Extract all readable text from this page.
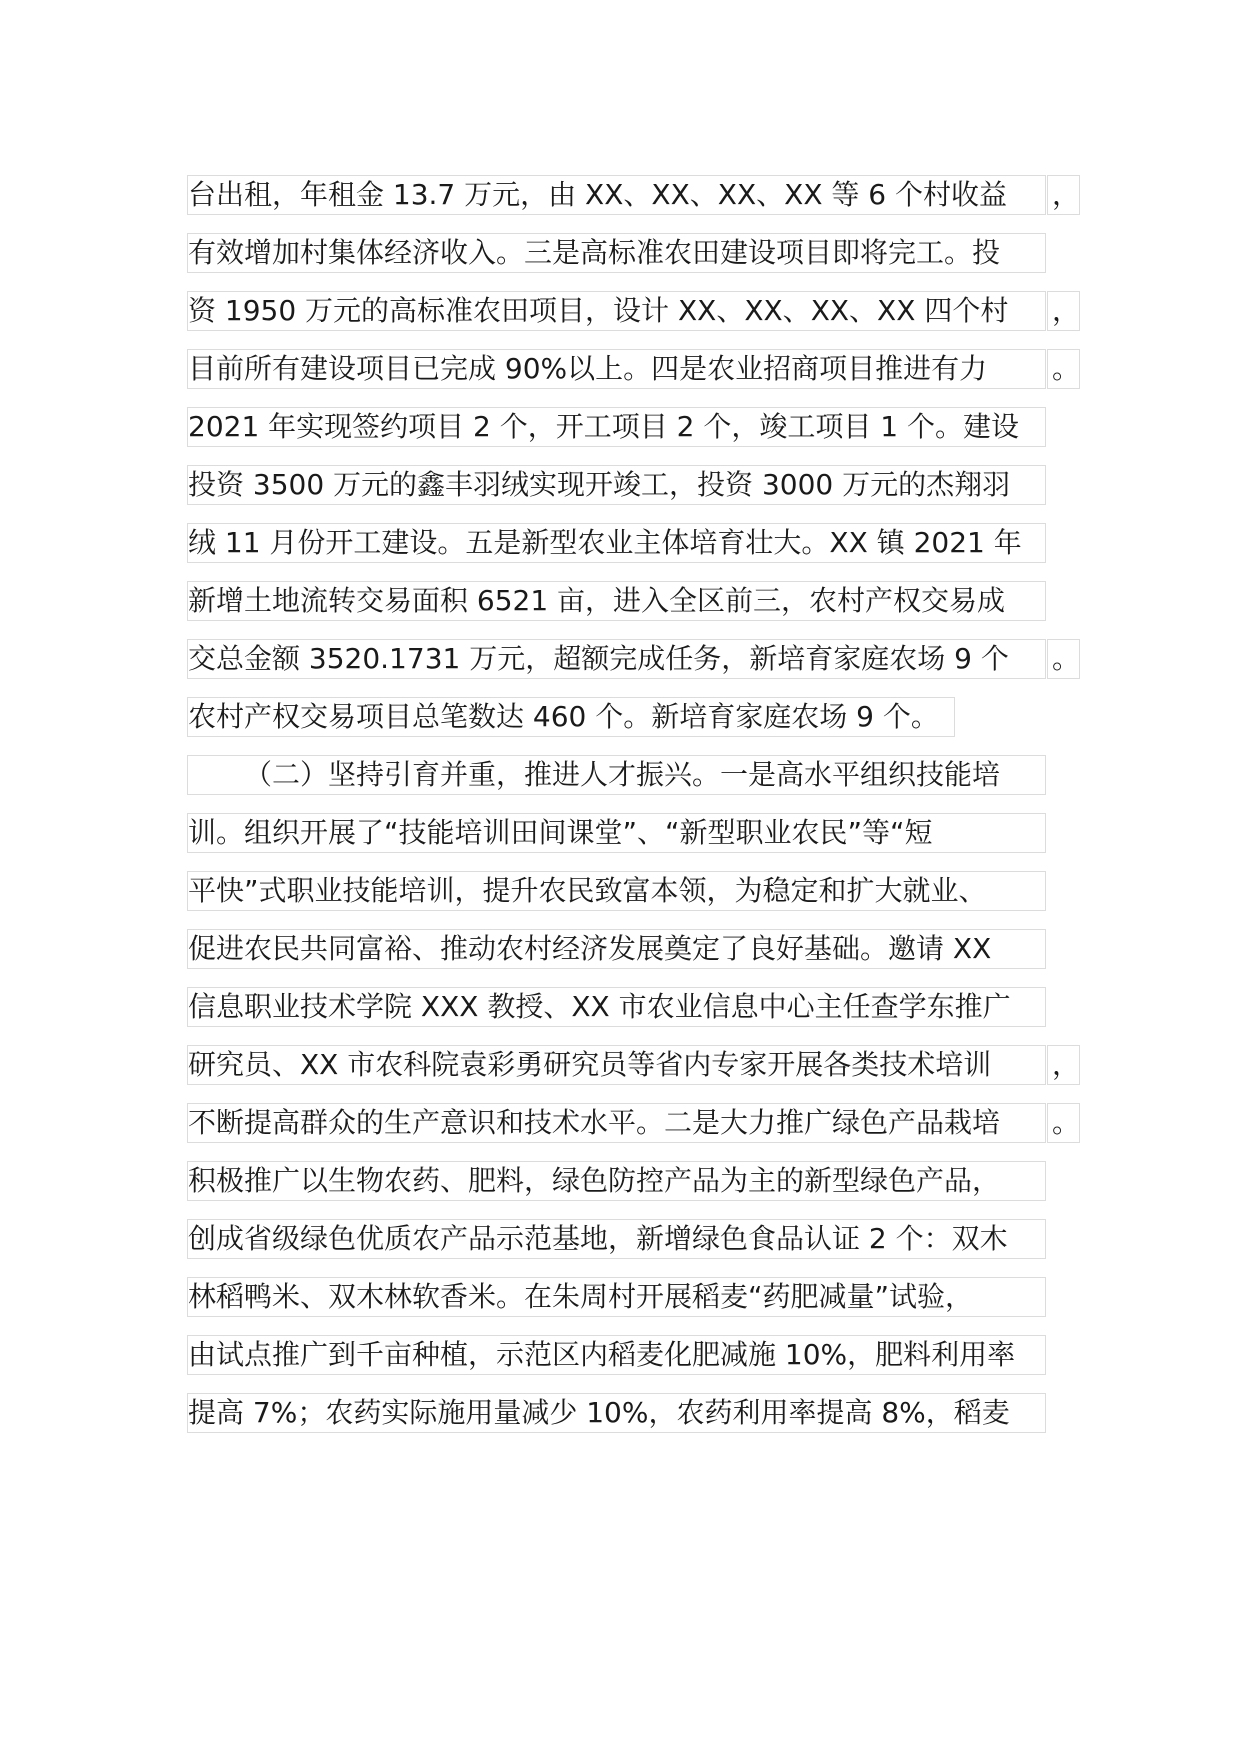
台出租，年租金 13.7 万元，由 XX、XX、XX、XX 等 6 个村收益 ，
有效增加村集体经济收入。三是高标准农田建设项目即将完工。投
资 1950 万元的高标准农田项目，设计 XX、XX、XX、XX 四个村 ，
目前所有建设项目已完成 90%以上。四是农业招商项目推进有力 。
2021 年实现签约项目 2 个，开工项目 2 个，竣工项目 1 个。建设
投资 3500 万元的鑫丰羽绒实现开竣工，投资 3000 万元的杰翔羽
绒 11 月份开工建设。五是新型农业主体培育壮大。XX 镇 2021 年
新增土地流转交易面积 6521 亩，进入全区前三，农村产权交易成
交总金额 3520.1731 万元，超额完成任务，新培育家庭农场 9 个 。
农村产权交易项目总笔数达 460 个。新培育家庭农场 9 个。
（二）坚持引育并重，推进人才振兴。一是高水平组织技能培
训。组织开展了“技能培训田间课堂”、“新型职业农民”等“短
平快”式职业技能培训，提升农民致富本领，为稳定和扩大就业、
促进农民共同富裕、推动农村经济发展奠定了良好基础。邀请 XX
信息职业技术学院 XXX 教授、XX 市农业信息中心主任查学东推广
研究员、XX 市农科院袁彩勇研究员等省内专家开展各类技术培训 ，
不断提高群众的生产意识和技术水平。二是大力推广绿色产品栽培 。
积极推广以生物农药、肥料，绿色防控产品为主的新型绿色产品，
创成省级绿色优质农产品示范基地，新增绿色食品认证 2 个：双木
林稻鸭米、双木林软香米。在朱周村开展稻麦“药肥减量”试验，
由试点推广到千亩种植，示范区内稻麦化肥减施 10%，肥料利用率
提高 7%；农药实际施用量减少 10%，农药利用率提高 8%，稻麦
